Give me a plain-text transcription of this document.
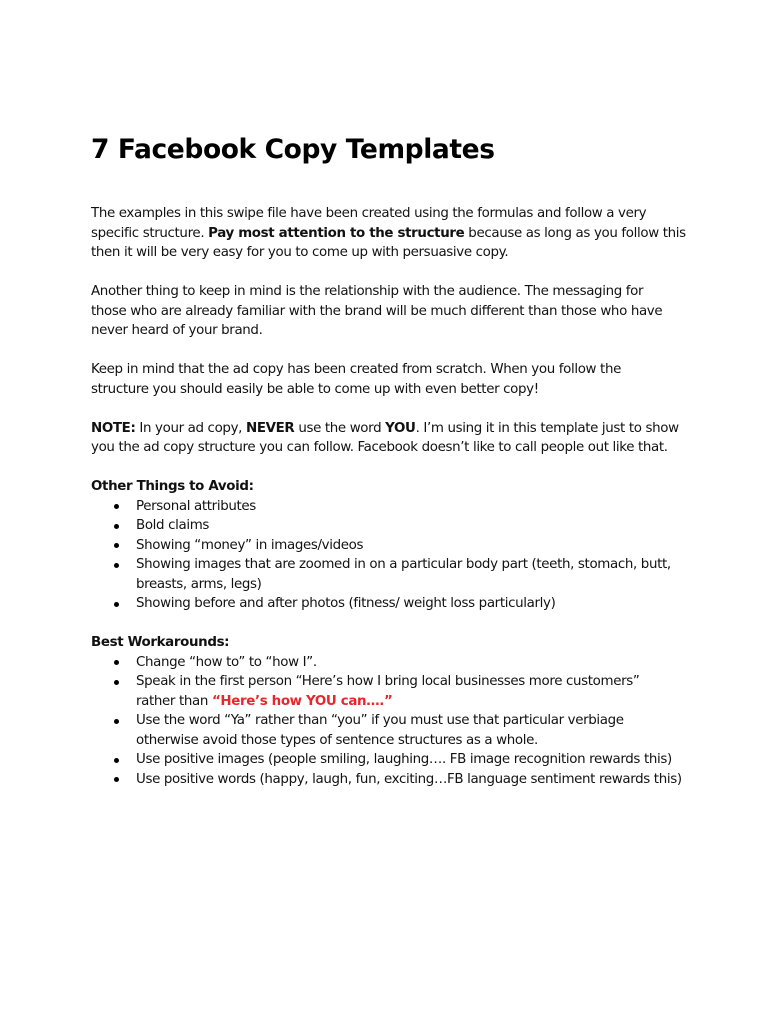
7 Facebook Copy Templates
The examples in this swipe file have been created using the formulas and follow a very
specific structure. Pay most attention to the structure because as long as you follow this
then it will be very easy for you to come up with persuasive copy.
Another thing to keep in mind is the relationship with the audience. The messaging for
those who are already familiar with the brand will be much different than those who have
never heard of your brand.
Keep in mind that the ad copy has been created from scratch. When you follow the
structure you should easily be able to come up with even better copy!
NOTE: In your ad copy, NEVER use the word YOU. I’m using it in this template just to show
you the ad copy structure you can follow. Facebook doesn’t like to call people out like that.
Other Things to Avoid:
Personal attributes
Bold claims
Showing “money” in images/videos
Showing images that are zoomed in on a particular body part (teeth, stomach, butt,
breasts, arms, legs)
Showing before and after photos (fitness/ weight loss particularly)
Best Workarounds:
Change “how to” to “how I”.
Speak in the first person “Here’s how I bring local businesses more customers”
rather than “Here’s how YOU can….”
Use the word “Ya” rather than “you” if you must use that particular verbiage
otherwise avoid those types of sentence structures as a whole.
Use positive images (people smiling, laughing…. FB image recognition rewards this)
Use positive words (happy, laugh, fun, exciting…FB language sentiment rewards this)
